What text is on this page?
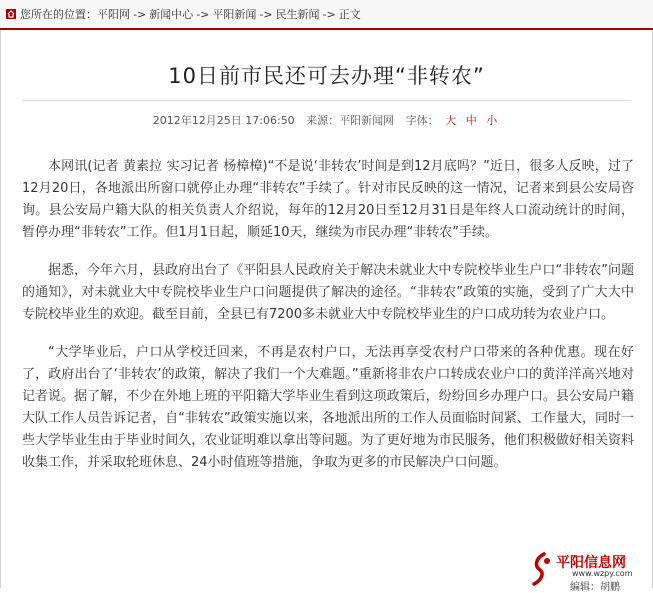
您所在的位置： 平阳网 -> 新闻中心 -> 平阳新闻 -> 民生新闻 -> 正文
10日前市民还可去办理“非转农”
2012年12月25日 17:06:50 来源：平阳新闻网 字体： 大 中 小

本网讯(记者 黄素拉 实习记者 杨樟樟)“不是说‘非转农’时间是到12月底吗？”近日，很多人反映，过了12月20日，各地派出所窗口就停止办理“非转农”手续了。针对市民反映的这一情况，记者来到县公安局咨询。县公安局户籍大队的相关负责人介绍说，每年的12月20日至12月31日是年终人口流动统计的时间，暂停办理“非转农”工作。但1月1日起，顺延10天，继续为市民办理“非转农”手续。

据悉，今年六月，县政府出台了《平阳县人民政府关于解决未就业大中专院校毕业生户口“非转农”问题的通知》，对未就业大中专院校毕业生户口问题提供了解决的途径。“非转农”政策的实施，受到了广大大中专院校毕业生的欢迎。截至目前，全县已有7200多未就业大中专院校毕业生的户口成功转为农业户口。

“大学毕业后，户口从学校迁回来，不再是农村户口，无法再享受农村户口带来的各种优惠。现在好了，政府出台了‘非转农’的政策，解决了我们一个大难题。”重新将非农户口转成农业户口的黄洋洋高兴地对记者说。据了解，不少在外地上班的平阳籍大学毕业生看到这项政策后，纷纷回乡办理户口。县公安局户籍大队工作人员告诉记者，自“非转农”政策实施以来，各地派出所的工作人员面临时间紧、工作量大，同时一些大学毕业生由于毕业时间久，农业证明难以拿出等问题。为了更好地为市民服务，他们积极做好相关资料收集工作，并采取轮班休息、24小时值班等措施，争取为更多的市民解决户口问题。

平阳信息网
www.wzpy.com
编辑：胡鹏
